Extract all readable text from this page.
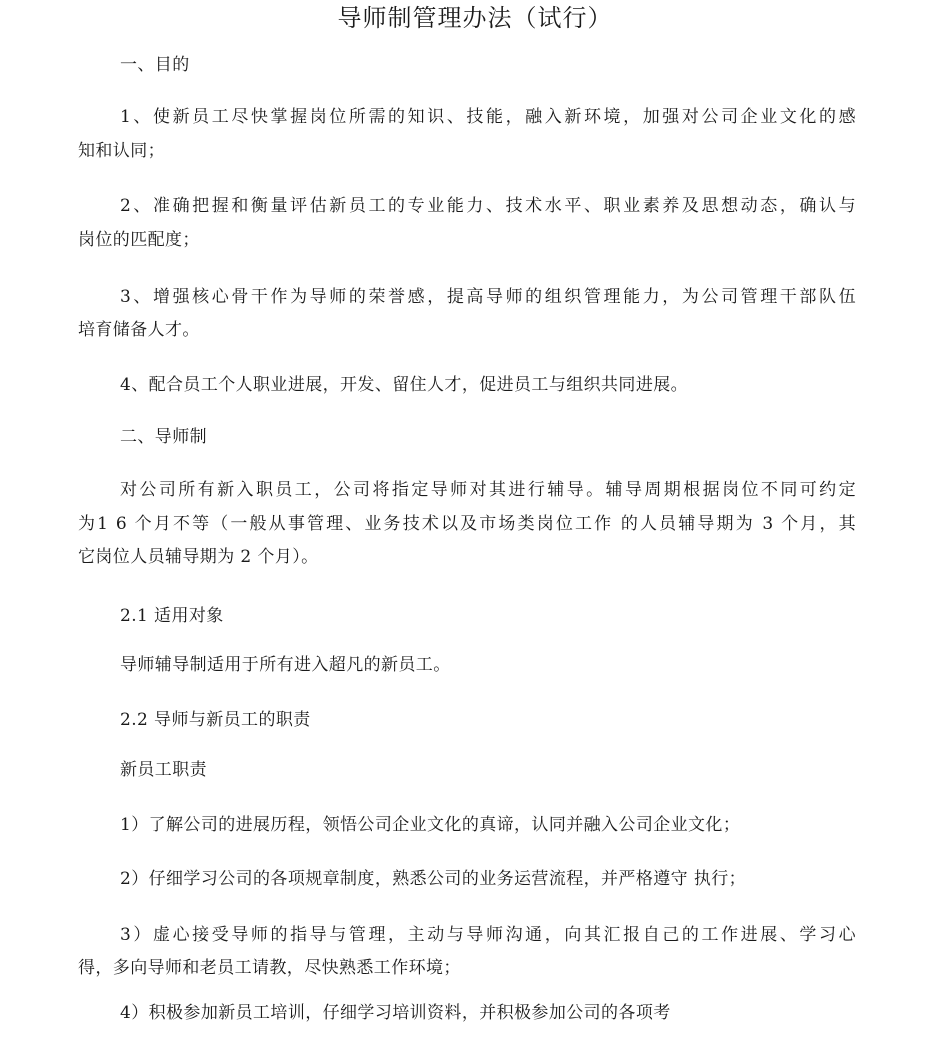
导师制管理办法（试行）
一、目的
1、使新员工尽快掌握岗位所需的知识、技能，融入新环境，加强对公司企业文化的感
知和认同；
2、准确把握和衡量评估新员工的专业能力、技术水平、职业素养及思想动态，确认与
岗位的匹配度；
3、增强核心骨干作为导师的荣誉感，提高导师的组织管理能力，为公司管理干部队伍
培育储备人才。
4、配合员工个人职业进展，开发、留住人才，促进员工与组织共同进展。
二、导师制
对公司所有新入职员工，公司将指定导师对其进行辅导。辅导周期根据岗位不同可约定
为1 6 个月不等（一般从事管理、业务技术以及市场类岗位工作 的人员辅导期为 3 个月，其
它岗位人员辅导期为 2 个月）。
2.1 适用对象
导师辅导制适用于所有进入超凡的新员工。
2.2 导师与新员工的职责
新员工职责
1）了解公司的进展历程，领悟公司企业文化的真谛，认同并融入公司企业文化；
2）仔细学习公司的各项规章制度，熟悉公司的业务运营流程，并严格遵守 执行；
3）虚心接受导师的指导与管理，主动与导师沟通，向其汇报自己的工作进展、学习心
得，多向导师和老员工请教，尽快熟悉工作环境；
4）积极参加新员工培训，仔细学习培训资料，并积极参加公司的各项考
